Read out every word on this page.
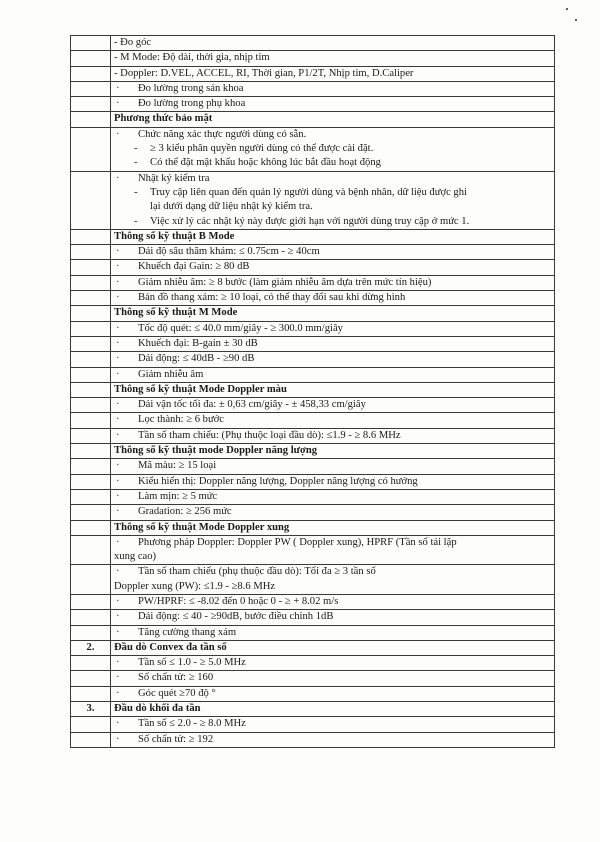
	- Đo góc

	- M Mode: Độ dài, thời gia, nhịp tim

	- Doppler: D.VEL, ACCEL, RI, Thời gian, P1/2T, Nhịp tim, D.Caliper

	· Đo lường trong sản khoa

	· Đo lường trong phụ khoa

	Phương thức bảo mật

	· Chức năng xác thực người dùng có sẵn.
- ≥ 3 kiểu phân quyền người dùng có thể được cài đặt.
- Có thể đặt mật khẩu hoặc không lúc bắt đầu hoạt động

	· Nhật ký kiểm tra
- Truy cập liên quan đến quản lý người dùng và bệnh nhân, dữ liệu được ghi
lại dưới dạng dữ liệu nhật ký kiểm tra.
- Việc xử lý các nhật ký này được giới hạn với người dùng truy cập ở mức 1.

	Thông số kỹ thuật B Mode

	· Dải độ sâu thăm khám: ≤ 0.75cm - ≥ 40cm

	· Khuếch đại Gain: ≥ 80 dB

	· Giảm nhiễu âm: ≥ 8 bước (làm giảm nhiễu âm dựa trên mức tín hiệu)

	· Bản đồ thang xám: ≥ 10 loại, có thể thay đổi sau khi dừng hình

	Thông số kỹ thuật M Mode

	· Tốc độ quét: ≤ 40.0 mm/giây - ≥ 300.0 mm/giây

	· Khuếch đại: B-gain ± 30 dB

	· Dải động: ≤ 40dB - ≥90 dB

	· Giảm nhiễu âm

	Thông số kỹ thuật Mode Doppler màu

	· Dải vận tốc tối đa: ± 0,63 cm/giây - ± 458,33 cm/giây

	· Lọc thành: ≥ 6 bước

	· Tần số tham chiếu: (Phụ thuộc loại đầu dò): ≤1.9 - ≥ 8.6 MHz

	Thông số kỹ thuật mode Doppler năng lượng

	· Mã màu: ≥ 15 loại

	· Kiểu hiển thị: Doppler năng lượng, Doppler năng lượng có hướng

	· Làm mịn: ≥ 5 mức

	· Gradation: ≥ 256 mức

	Thông số kỹ thuật Mode Doppler xung

	· Phương pháp Doppler: Doppler PW ( Doppler xung), HPRF (Tần số tái lặp
xung cao)

	· Tần số tham chiếu (phụ thuộc đầu dò): Tối đa ≥ 3 tần số
Doppler xung (PW): ≤1.9 - ≥8.6 MHz

	· PW/HPRF: ≤ -8.02 đến 0 hoặc 0 - ≥ + 8.02 m/s

	· Dải động: ≤ 40 - ≥90dB, bước điều chỉnh 1dB

	· Tăng cường thang xám

2.	Đầu dò Convex đa tần số

	· Tần số ≤ 1.0 - ≥ 5.0 MHz

	· Số chấn tử: ≥ 160

	· Góc quét ≥70 độ °

3.	Đầu dò khối đa tần

	· Tần số ≤ 2.0 - ≥ 8.0 MHz

	· Số chấn tử: ≥ 192
